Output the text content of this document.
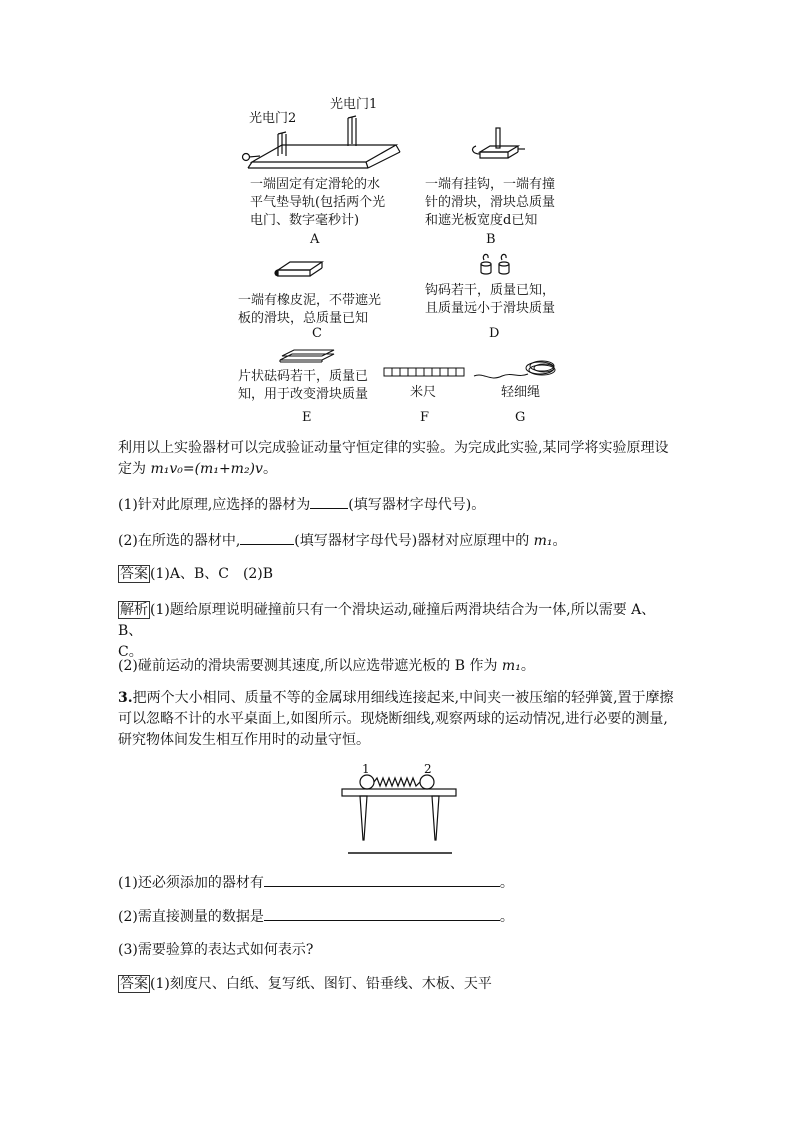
光电门2
光电门1
一端固定有定滑轮的水
平气垫导轨(包括两个光
电门、数字毫秒计)
A
一端有挂钩，一端有撞
针的滑块，滑块总质量
和遮光板宽度d已知
B
一端有橡皮泥，不带遮光
板的滑块，总质量已知
C
钩码若干，质量已知，
且质量远小于滑块质量
D
片状砝码若干，质量已
知，用于改变滑块质量
E
米尺
F
轻细绳
G
利用以上实验器材可以完成验证动量守恒定律的实验。为完成此实验,某同学将实验原理设
定为 m₁v₀=(m₁+m₂)v。
(1)针对此原理,应选择的器材为	(填写器材字母代号)。
(2)在所选的器材中,	(填写器材字母代号)器材对应原理中的 m₁。
答案 (1)A、B、C　(2)B
解析 (1)题给原理说明碰撞前只有一个滑块运动,碰撞后两滑块结合为一体,所以需要 A、B、
C。
(2)碰前运动的滑块需要测其速度,所以应选带遮光板的 B 作为 m₁。
3.把两个大小相同、质量不等的金属球用细线连接起来,中间夹一被压缩的轻弹簧,置于摩擦
可以忽略不计的水平桌面上,如图所示。现烧断细线,观察两球的运动情况,进行必要的测量,
研究物体间发生相互作用时的动量守恒。
1	2
(1)还必须添加的器材有	。
(2)需直接测量的数据是	。
(3)需要验算的表达式如何表示?
答案 (1)刻度尺、白纸、复写纸、图钉、铅垂线、木板、天平
